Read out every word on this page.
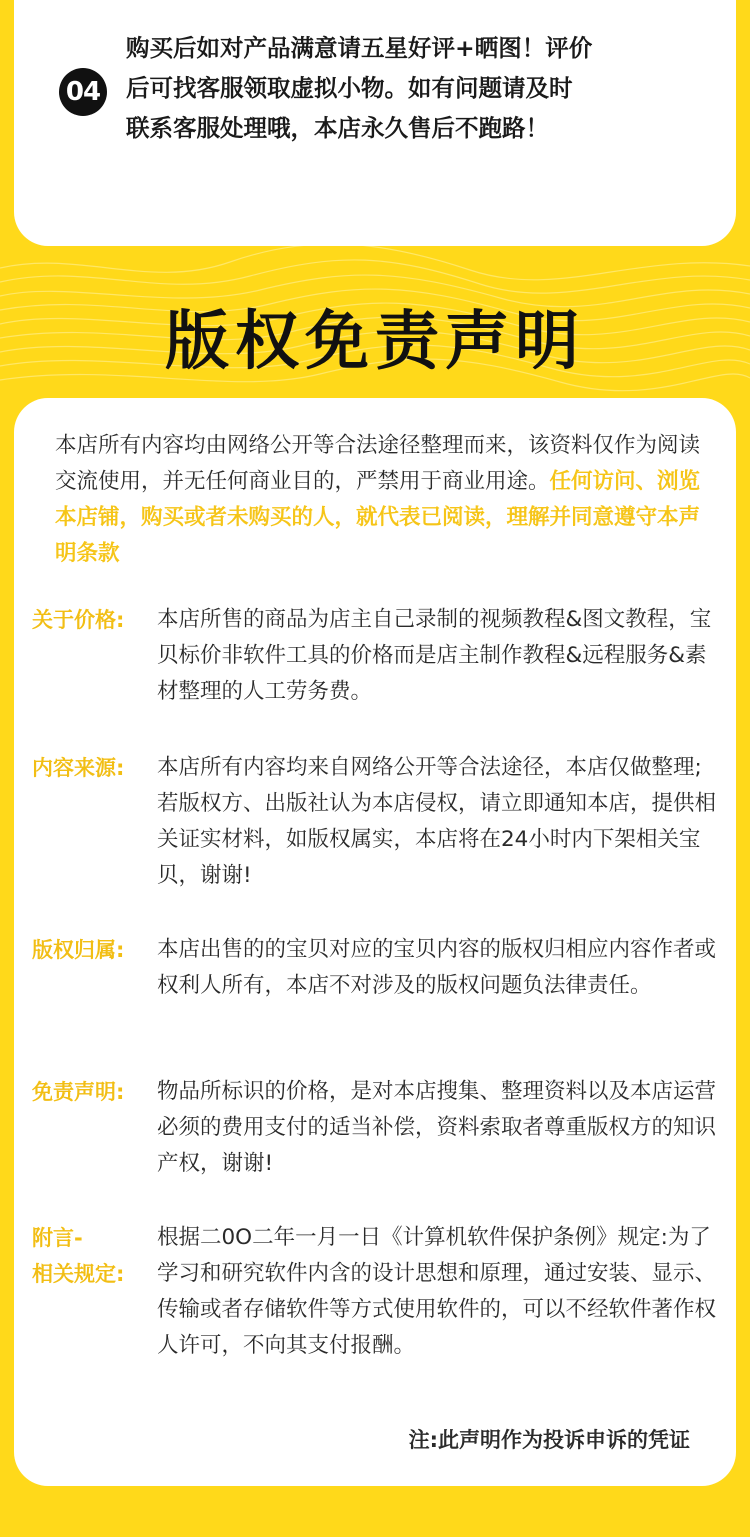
04
购买后如对产品满意请五星好评+晒图！评价
后可找客服领取虚拟小物。如有问题请及时
联系客服处理哦，本店永久售后不跑路！
版权免责声明
本店所有内容均由网络公开等合法途径整理而来，该资料仅作为阅读交流使用，并无任何商业目的，严禁用于商业用途。任何访问、浏览本店铺，购买或者未购买的人，就代表已阅读，理解并同意遵守本声明条款
关于价格:	本店所售的商品为店主自己录制的视频教程&图文教程，宝贝标价非软件工具的价格而是店主制作教程&远程服务&素材整理的人工劳务费。
内容来源:	本店所有内容均来自网络公开等合法途径，本店仅做整理;若版权方、出版社认为本店侵权，请立即通知本店，提供相关证实材料，如版权属实，本店将在24小时内下架相关宝贝，谢谢!
版权归属:	本店出售的的宝贝对应的宝贝内容的版权归相应内容作者或权利人所有，本店不对涉及的版权问题负法律责任。
免责声明:	物品所标识的价格，是对本店搜集、整理资料以及本店运营必须的费用支付的适当补偿，资料索取者尊重版权方的知识产权，谢谢!
附言-
相关规定:
根据二0O二年一月一日《计算机软件保护条例》规定:为了学习和研究软件内含的设计思想和原理，通过安装、显示、传输或者存储软件等方式使用软件的，可以不经软件著作权人许可，不向其支付报酬。
注:此声明作为投诉申诉的凭证
